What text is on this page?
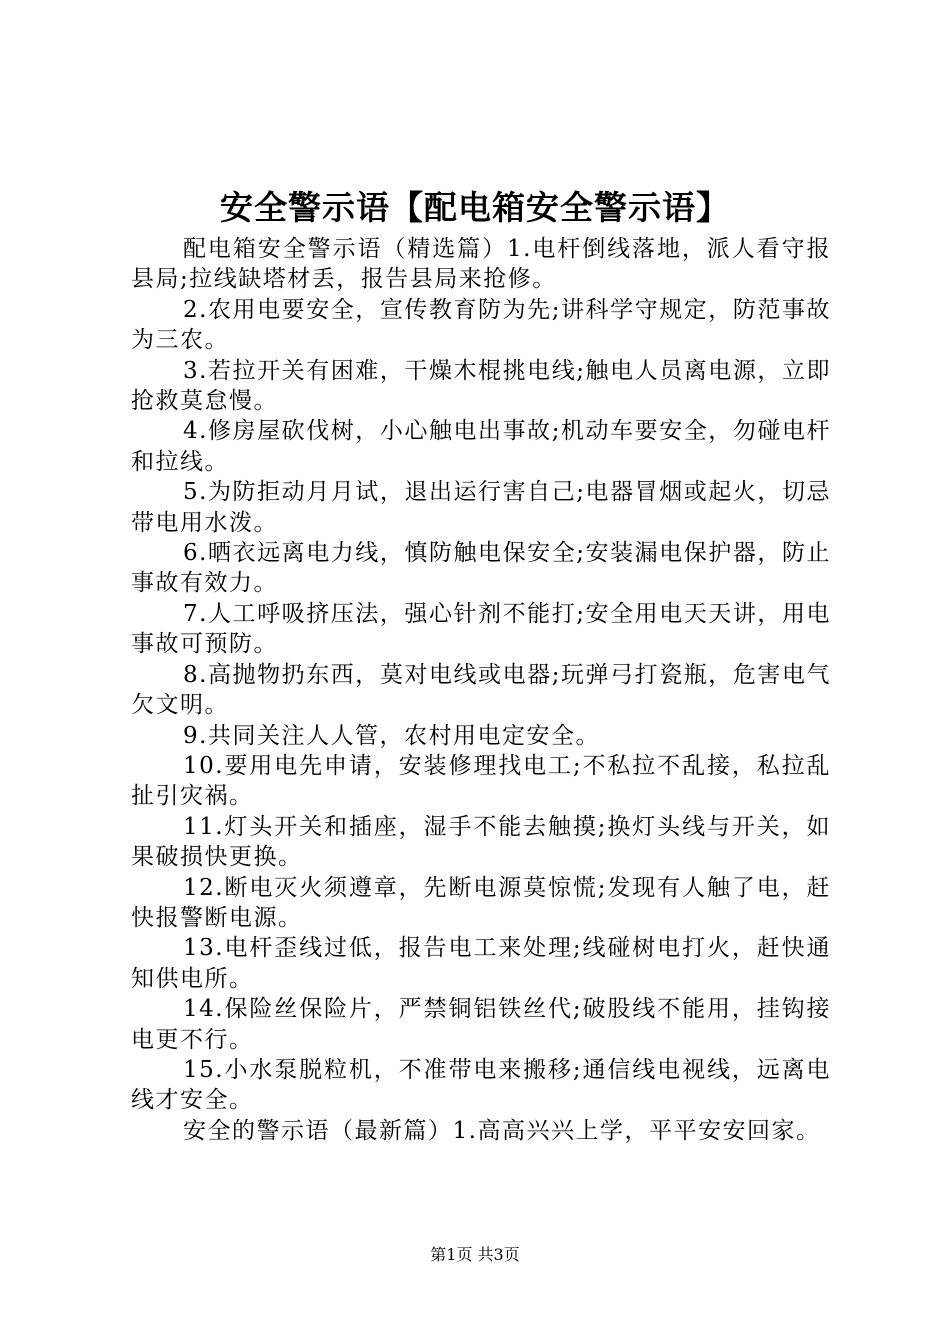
安全警示语【配电箱安全警示语】

配电箱安全警示语（精选篇）1.电杆倒线落地，派人看守报县局;拉线缺塔材丢，报告县局来抢修。

2.农用电要安全，宣传教育防为先;讲科学守规定，防范事故为三农。

3.若拉开关有困难，干燥木棍挑电线;触电人员离电源，立即抢救莫怠慢。

4.修房屋砍伐树，小心触电出事故;机动车要安全，勿碰电杆和拉线。

5.为防拒动月月试，退出运行害自己;电器冒烟或起火，切忌带电用水泼。

6.晒衣远离电力线，慎防触电保安全;安装漏电保护器，防止事故有效力。

7.人工呼吸挤压法，强心针剂不能打;安全用电天天讲，用电事故可预防。

8.高抛物扔东西，莫对电线或电器;玩弹弓打瓷瓶，危害电气欠文明。

9.共同关注人人管，农村用电定安全。

10.要用电先申请，安装修理找电工;不私拉不乱接，私拉乱扯引灾祸。

11.灯头开关和插座，湿手不能去触摸;换灯头线与开关，如果破损快更换。

12.断电灭火须遵章，先断电源莫惊慌;发现有人触了电，赶快报警断电源。

13.电杆歪线过低，报告电工来处理;线碰树电打火，赶快通知供电所。

14.保险丝保险片，严禁铜铝铁丝代;破股线不能用，挂钩接电更不行。

15.小水泵脱粒机，不准带电来搬移;通信线电视线，远离电线才安全。

安全的警示语（最新篇）1.高高兴兴上学，平平安安回家。

第1页 共3页
